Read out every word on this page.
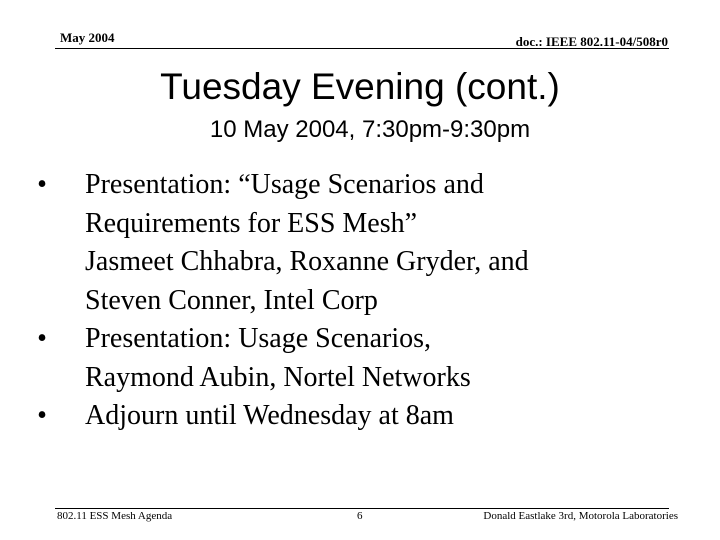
May 2004	doc.: IEEE 802.11-04/508r0
Tuesday Evening (cont.)
10 May 2004, 7:30pm-9:30pm
• Presentation: “Usage Scenarios and
Requirements for ESS Mesh”
Jasmeet Chhabra, Roxanne Gryder, and
Steven Conner, Intel Corp
• Presentation: Usage Scenarios,
Raymond Aubin, Nortel Networks
• Adjourn until Wednesday at 8am
802.11 ESS Mesh Agenda	6	Donald Eastlake 3rd, Motorola Laboratories
